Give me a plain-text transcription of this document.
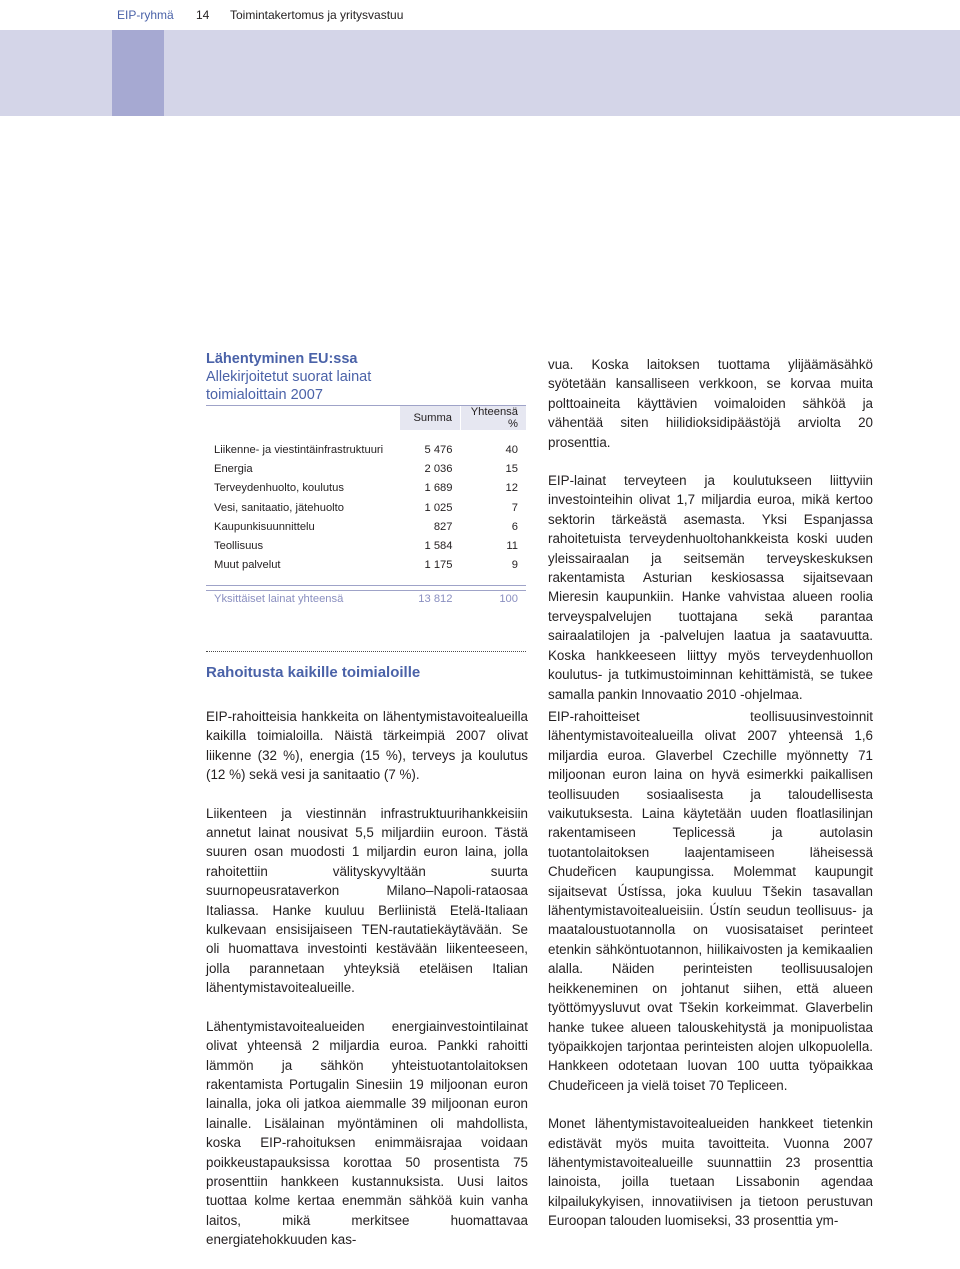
EIP-ryhmä 14 Toimintakertomus ja yritysvastuu
Lähentyminen EU:ssa
Allekirjoitetut suorat lainat
toimialoittain 2007
	Summa	Yhteensä %

Liikenne- ja viestintäinfrastruktuuri	5 476	40
Energia	2 036	15
Terveydenhuolto, koulutus	1 689	12
Vesi, sanitaatio, jätehuolto	1 025	7
Kaupunkisuunnittelu	827	6
Teollisuus	1 584	11
Muut palvelut	1 175	9

Yksittäiset lainat yhteensä	13 812	100
Rahoitusta kaikille toimialoille

EIP-rahoitteisia hankkeita on lähentymistavoitealueilla kaikilla toimialoilla. Näistä tärkeimpiä 2007 olivat liikenne (32 %), energia (15 %), terveys ja koulutus (12 %) sekä vesi ja sanitaatio (7 %).

Liikenteen ja viestinnän infrastruktuurihankkeisiin annetut lainat nousivat 5,5 miljardiin euroon. Tästä suuren osan muodosti 1 miljardin euron laina, jolla rahoitettiin välityskyvyltään suurta suurnopeusrataverkon Milano–Napoli-rataosaa Italiassa. Hanke kuuluu Berliinistä Etelä-Italiaan kulkevaan ensisijaiseen TEN-rautatiekäytävään. Se oli huomattava investointi kestävään liikenteeseen, jolla parannetaan yhteyksiä eteläisen Italian lähentymistavoitealueille.

Lähentymistavoitealueiden energiainvestointilainat olivat yhteensä 2 miljardia euroa. Pankki rahoitti lämmön ja sähkön yhteistuotantolaitoksen rakentamista Portugalin Sinesiin 19 miljoonan euron lainalla, joka oli jatkoa aiemmalle 39 miljoonan euron lainalle. Lisälainan myöntäminen oli mahdollista, koska EIP-rahoituksen enimmäisrajaa voidaan poikkeustapauksissa korottaa 50 prosentista 75 prosenttiin hankkeen kustannuksista. Uusi laitos tuottaa kolme kertaa enemmän sähköä kuin vanha laitos, mikä merkitsee huomattavaa energiatehokkuuden kas-

vua. Koska laitoksen tuottama ylijäämäsähkö syötetään kansalliseen verkkoon, se korvaa muita polttoaineita käyttävien voimaloiden sähköä ja vähentää siten hiilidioksidipäästöjä arviolta 20 prosenttia.

EIP-lainat terveyteen ja koulutukseen liittyviin investointeihin olivat 1,7 miljardia euroa, mikä kertoo sektorin tärkeästä asemasta. Yksi Espanjassa rahoitetuista terveydenhuoltohankkeista koski uuden yleissairaalan ja seitsemän terveyskeskuksen rakentamista Asturian keskiosassa sijaitsevaan Mieresin kaupunkiin. Hanke vahvistaa alueen roolia terveyspalvelujen tuottajana sekä parantaa sairaalatilojen ja -palvelujen laatua ja saatavuutta. Koska hankkeeseen liittyy myös terveydenhuollon koulutus- ja tutkimustoiminnan kehittämistä, se tukee samalla pankin Innovaatio 2010 -ohjelmaa.

EIP-rahoitteiset teollisuusinvestoinnit lähentymistavoitealueilla olivat 2007 yhteensä 1,6 miljardia euroa. Glaverbel Czechille myönnetty 71 miljoonan euron laina on hyvä esimerkki paikallisen teollisuuden sosiaalisesta ja taloudellisesta vaikutuksesta. Laina käytetään uuden floatlasilinjan rakentamiseen Teplicessä ja autolasin tuotantolaitoksen laajentamiseen läheisessä Chudeřicen kaupungissa. Molemmat kaupungit sijaitsevat Ústíssa, joka kuuluu Tšekin tasavallan lähentymistavoitealueisiin. Ústín seudun teollisuus- ja maataloustuotannolla on vuosisataiset perinteet etenkin sähköntuotannon, hiilikaivosten ja kemikaalien alalla. Näiden perinteisten teollisuusalojen heikkeneminen on johtanut siihen, että alueen työttömyysluvut ovat Tšekin korkeimmat. Glaverbelin hanke tukee alueen talouskehitystä ja monipuolistaa työpaikkojen tarjontaa perinteisten alojen ulkopuolella. Hankkeen odotetaan luovan 100 uutta työpaikkaa Chudeřiceen ja vielä toiset 70 Tepliceen.

Monet lähentymistavoitealueiden hankkeet tietenkin edistävät myös muita tavoitteita. Vuonna 2007 lähentymistavoitealueille suunnattiin 23 prosenttia lainoista, joilla tuetaan Lissabonin agendaa kilpailukykyisen, innovatiivisen ja tietoon perustuvan Euroopan talouden luomiseksi, 33 prosenttia ym-
